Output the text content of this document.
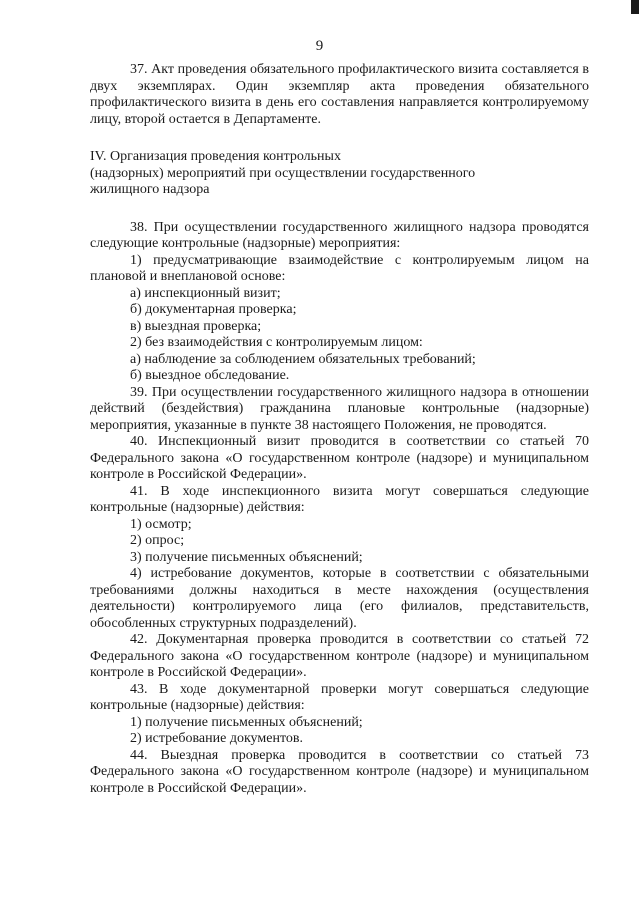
9

37. Акт проведения обязательного профилактического визита составляется в двух экземплярах. Один экземпляр акта проведения обязательного профилактического визита в день его составления направляется контролируемому лицу, второй остается в Департаменте.

IV. Организация проведения контрольных
(надзорных) мероприятий при осуществлении государственного
жилищного надзора

38. При осуществлении государственного жилищного надзора проводятся следующие контрольные (надзорные) мероприятия:

1) предусматривающие взаимодействие с контролируемым лицом на плановой и внеплановой основе:

а) инспекционный визит;

б) документарная проверка;

в) выездная проверка;

2) без взаимодействия с контролируемым лицом:

а) наблюдение за соблюдением обязательных требований;

б) выездное обследование.

39. При осуществлении государственного жилищного надзора в отношении действий (бездействия) гражданина плановые контрольные (надзорные) мероприятия, указанные в пункте 38 настоящего Положения, не проводятся.

40. Инспекционный визит проводится в соответствии со статьей 70 Федерального закона «О государственном контроле (надзоре) и муниципальном контроле в Российской Федерации».

41. В ходе инспекционного визита могут совершаться следующие контрольные (надзорные) действия:

1) осмотр;

2) опрос;

3) получение письменных объяснений;

4) истребование документов, которые в соответствии с обязательными требованиями должны находиться в месте нахождения (осуществления деятельности) контролируемого лица (его филиалов, представительств, обособленных структурных подразделений).

42. Документарная проверка проводится в соответствии со статьей 72 Федерального закона «О государственном контроле (надзоре) и муниципальном контроле в Российской Федерации».

43. В ходе документарной проверки могут совершаться следующие контрольные (надзорные) действия:

1) получение письменных объяснений;

2) истребование документов.

44. Выездная проверка проводится в соответствии со статьей 73 Федерального закона «О государственном контроле (надзоре) и муниципальном контроле в Российской Федерации».
